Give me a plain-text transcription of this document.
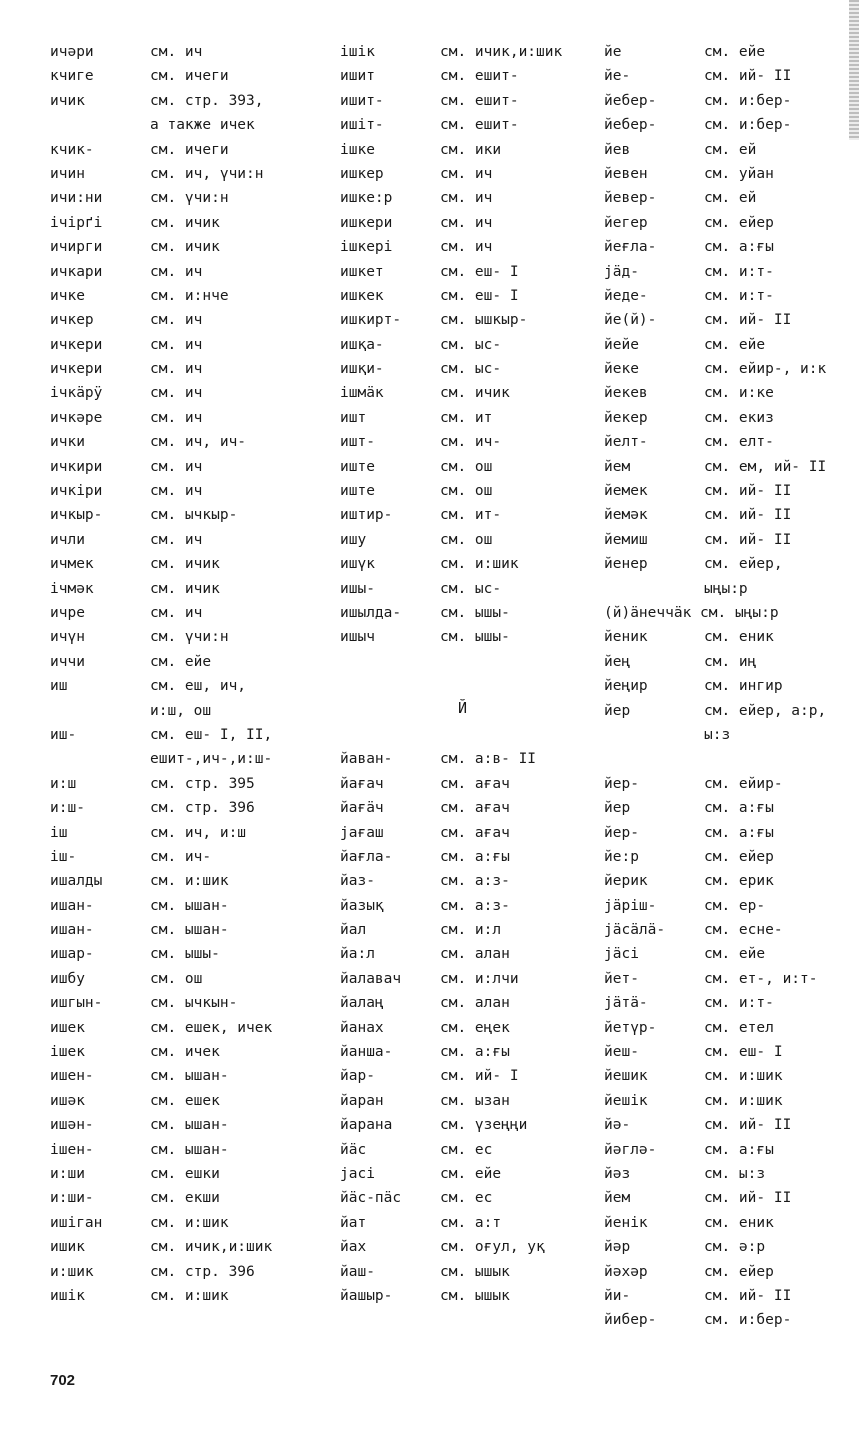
ичәри	см. ич
кчиге	см. ичеги
ичик	см. стр. 393,
а также ичек
кчик-	см. ичеги
ичин	см. ич, үчи:н
ичи:ни	см. үчи:н
ічірґі	см. ичик
ичирги	см. ичик
ичкари	см. ич
ичке	см. и:нче
ичкер	см. ич
ичкери	см. ич
ичкери	см. ич
ічкäрÿ	см. ич
ичкәре	см. ич
ички	см. ич, ич-
ичкири	см. ич
ичкіри	см. ич
ичкыр-	см. ычкыр-
ичли	см. ич
ичмек	см. ичик
ічмәк	см. ичик
ичре	см. ич
ичүн	см. үчи:н
иччи	см. ейе
иш	см. еш, ич,
и:ш, ош
иш-	см. еш- I, II,
ешит-,ич-,и:ш-
и:ш	см. стр. 395
и:ш-	см. стр. 396
іш	см. ич, и:ш
іш-	см. ич-
ишалды	см. и:шик
ишан-	см. ышан-
ишан-	см. ышан-
ишар-	см. ышы-
ишбу	см. ош
ишгын-	см. ычкын-
ишек	см. ешек, ичек
ішек	см. ичек
ишен-	см. ышан-
ишәк	см. ешек
ишән-	см. ышан-
ішен-	см. ышан-
и:ши	см. ешки
и:ши-	см. екши
ишіган	см. и:шик
ишик	см. ичик,и:шик
и:шик	см. стр. 396
ишік	см. и:шик
ішік	см. ичик,и:шик
ишит	см. ешит-
ишит-	см. ешит-
ишіт-	см. ешит-
ішке	см. ики
ишкер	см. ич
ишке:р	см. ич
ишкери	см. ич
ішкері	см. ич
ишкет	см. еш- I
ишкек	см. еш- I
ишкирт-	см. ышкыр-
ишқа-	см. ыс-
ишқи-	см. ыс-
ішмäк	см. ичик
ишт	см. ит
ишт-	см. ич-
иште	см. ош
иште	см. ош
иштир-	см. ит-
ишу	см. ош
ишүк	см. и:шик
ишы-	см. ыс-
ишылда-	см. ышы-
ишыч	см. ышы-
йаван-	см. а:в- II
йағач	см. ағач
йағäч	см. ағач
јағаш	см. ағач
йағла-	см. а:ғы
йаз-	см. а:з-
йазық	см. а:з-
йал	см. и:л
йа:л	см. алан
йалавач	см. и:лчи
йалаң	см. алан
йанах	см. еңек
йанша-	см. а:ғы
йар-	см. ий- I
йаран	см. ызан
йарана	см. үзеңңи
йäс	см. ес
јасі	см. ейе
йäс-пäс	см. ес
йат	см. а:т
йах	см. оғул, уқ
йаш-	см. ышык
йашыр-	см. ышык
йе	см. ейе
йе-	см. ий- II
йебер-	см. и:бер-
йебер-	см. и:бер-
йев	см. ей
йевен	см. уйан
йевер-	см. ей
йегер	см. ейер
йеғла-	см. а:ғы
јäд-	см. и:т-
йеде-	см. и:т-
йе(й)-	см. ий- II
йейе	см. ейе
йеке	см. ейир-, и:к
йекев	см. и:ке
йекер	см. екиз
йелт-	см. елт-
йем	см. ем, ий- II
йемек	см. ий- II
йемәк	см. ий- II
йемиш	см. ий- II
йенер	см. ейер,
ыңы:р
(й)äнеччäк см. ыңы:р
йеник	см. еник
йең	см. иң
йеңир	см. ингир
йер	см. ейер, а:р,
ы:з
йер-	см. ейир-
йер	см. а:ғы
йер-	см. а:ғы
йе:р	см. ейер
йерик	см. ерик
јäріш-	см. ер-
јäсäлä-	см. есне-
јäсі	см. ейе
йет-	см. ет-, и:т-
јäтä-	см. и:т-
йетүр-	см. етел
йеш-	см. еш- I
йешик	см. и:шик
йешік	см. и:шик
йә-	см. ий- II
йәглә-	см. а:ғы
йәз	см. ы:з
йем	см. ий- II
йенік	см. еник
йәр	см. ә:р
йәхәр	см. ейер
йи-	см. ий- II
йибер-	см. и:бер-
Й
702
